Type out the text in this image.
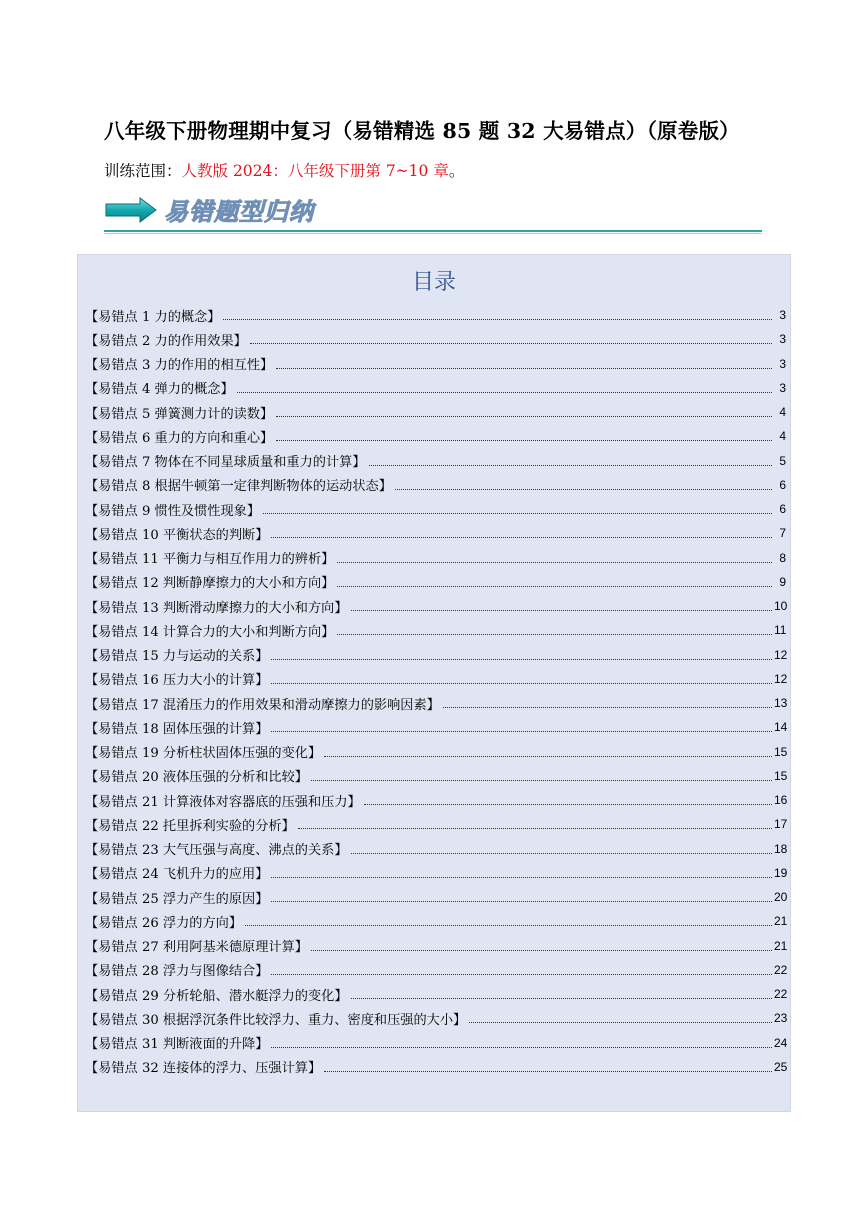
八年级下册物理期中复习（易错精选 85 题 32 大易错点）（原卷版）
训练范围：人教版 2024：八年级下册第 7~10 章。
易错题型归纳
目录
【易错点 1 力的概念】	3
【易错点 2 力的作用效果】	3
【易错点 3 力的作用的相互性】	3
【易错点 4 弹力的概念】	3
【易错点 5 弹簧测力计的读数】	4
【易错点 6 重力的方向和重心】	4
【易错点 7 物体在不同星球质量和重力的计算】	5
【易错点 8 根据牛顿第一定律判断物体的运动状态】	6
【易错点 9 惯性及惯性现象】	6
【易错点 10 平衡状态的判断】	7
【易错点 11 平衡力与相互作用力的辨析】	8
【易错点 12 判断静摩擦力的大小和方向】	9
【易错点 13 判断滑动摩擦力的大小和方向】	10
【易错点 14 计算合力的大小和判断方向】	11
【易错点 15 力与运动的关系】	12
【易错点 16 压力大小的计算】	12
【易错点 17 混淆压力的作用效果和滑动摩擦力的影响因素】	13
【易错点 18 固体压强的计算】	14
【易错点 19 分析柱状固体压强的变化】	15
【易错点 20 液体压强的分析和比较】	15
【易错点 21 计算液体对容器底的压强和压力】	16
【易错点 22 托里拆利实验的分析】	17
【易错点 23 大气压强与高度、沸点的关系】	18
【易错点 24 飞机升力的应用】	19
【易错点 25 浮力产生的原因】	20
【易错点 26 浮力的方向】	21
【易错点 27 利用阿基米德原理计算】	21
【易错点 28 浮力与图像结合】	22
【易错点 29 分析轮船、潜水艇浮力的变化】	22
【易错点 30 根据浮沉条件比较浮力、重力、密度和压强的大小】	23
【易错点 31 判断液面的升降】	24
【易错点 32 连接体的浮力、压强计算】	25
